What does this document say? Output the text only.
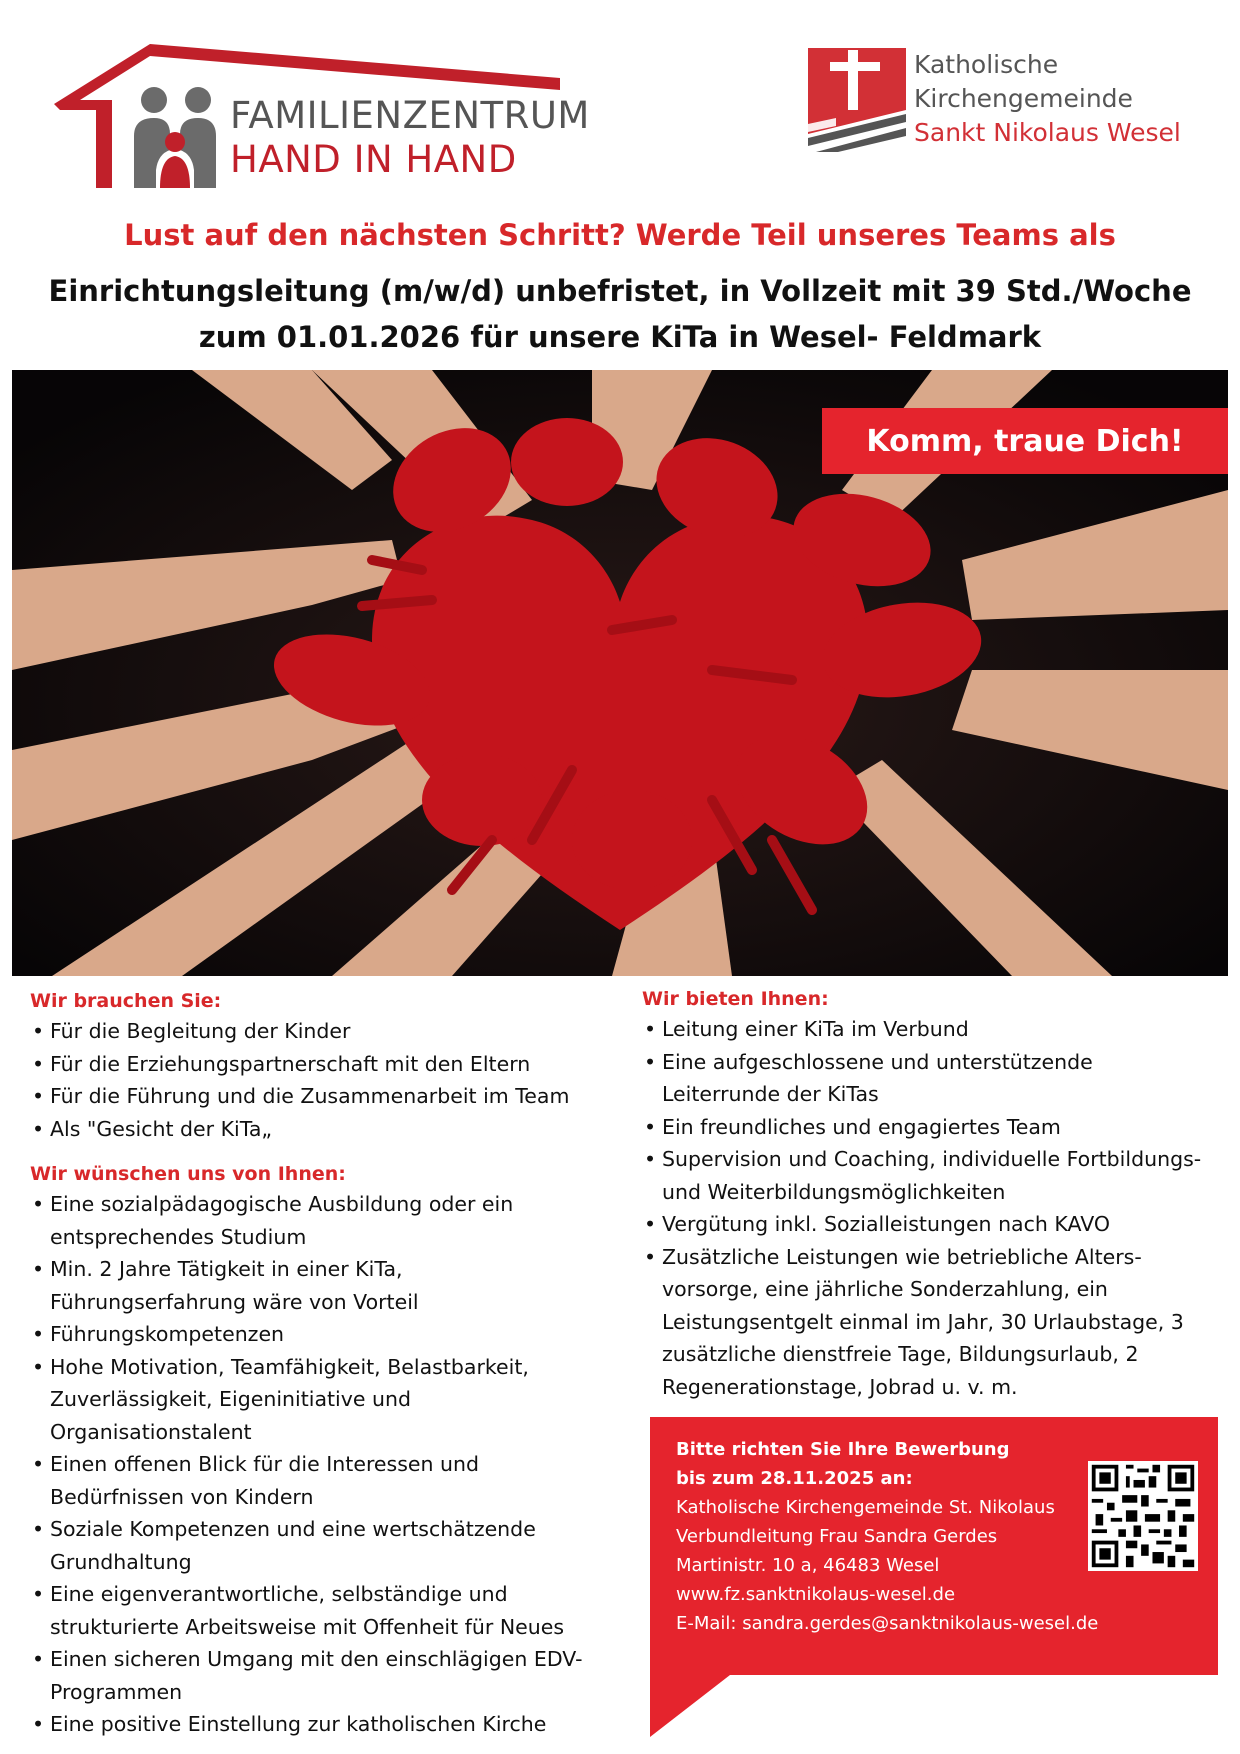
FAMILIENZENTRUM
HAND IN HAND
Katholische
Kirchengemeinde
Sankt Nikolaus Wesel
Lust auf den nächsten Schritt? Werde Teil unseres Teams als
Einrichtungsleitung (m/w/d) unbefristet, in Vollzeit mit 39 Std./Woche
zum 01.01.2026 für unsere KiTa in Wesel- Feldmark
Komm, traue Dich!
Wir brauchen Sie:
• Für die Begleitung der Kinder
• Für die Erziehungspartnerschaft mit den Eltern
• Für die Führung und die Zusammenarbeit im Team
• Als "Gesicht der KiTa„
Wir wünschen uns von Ihnen:
• Eine sozialpädagogische Ausbildung oder ein entsprechendes Studium
• Min. 2 Jahre Tätigkeit in einer KiTa, Führungserfahrung wäre von Vorteil
• Führungskompetenzen
• Hohe Motivation, Teamfähigkeit, Belastbarkeit, Zuverlässigkeit, Eigeninitiative und Organisationstalent
• Einen offenen Blick für die Interessen und Bedürfnissen von Kindern
• Soziale Kompetenzen und eine wertschätzende Grundhaltung
• Eine eigenverantwortliche, selbständige und strukturierte Arbeitsweise mit Offenheit für Neues
• Einen sicheren Umgang mit den einschlägigen EDV-Programmen
• Eine positive Einstellung zur katholischen Kirche
Wir bieten Ihnen:
• Leitung einer KiTa im Verbund
• Eine aufgeschlossene und unterstützende Leiterrunde der KiTas
• Ein freundliches und engagiertes Team
• Supervision und Coaching, individuelle Fortbildungs- und Weiterbildungsmöglichkeiten
• Vergütung inkl. Sozialleistungen nach KAVO
• Zusätzliche Leistungen wie betriebliche Alters-vorsorge, eine jährliche Sonderzahlung, ein Leistungsentgelt einmal im Jahr, 30 Urlaubstage, 3 zusätzliche dienstfreie Tage, Bildungsurlaub, 2 Regenerationstage, Jobrad u. v. m.
Bitte richten Sie Ihre Bewerbung
bis zum 28.11.2025 an:
Katholische Kirchengemeinde St. Nikolaus
Verbundleitung Frau Sandra Gerdes
Martinistr. 10 a, 46483 Wesel
www.fz.sanktnikolaus-wesel.de
E-Mail: sandra.gerdes@sanktnikolaus-wesel.de
